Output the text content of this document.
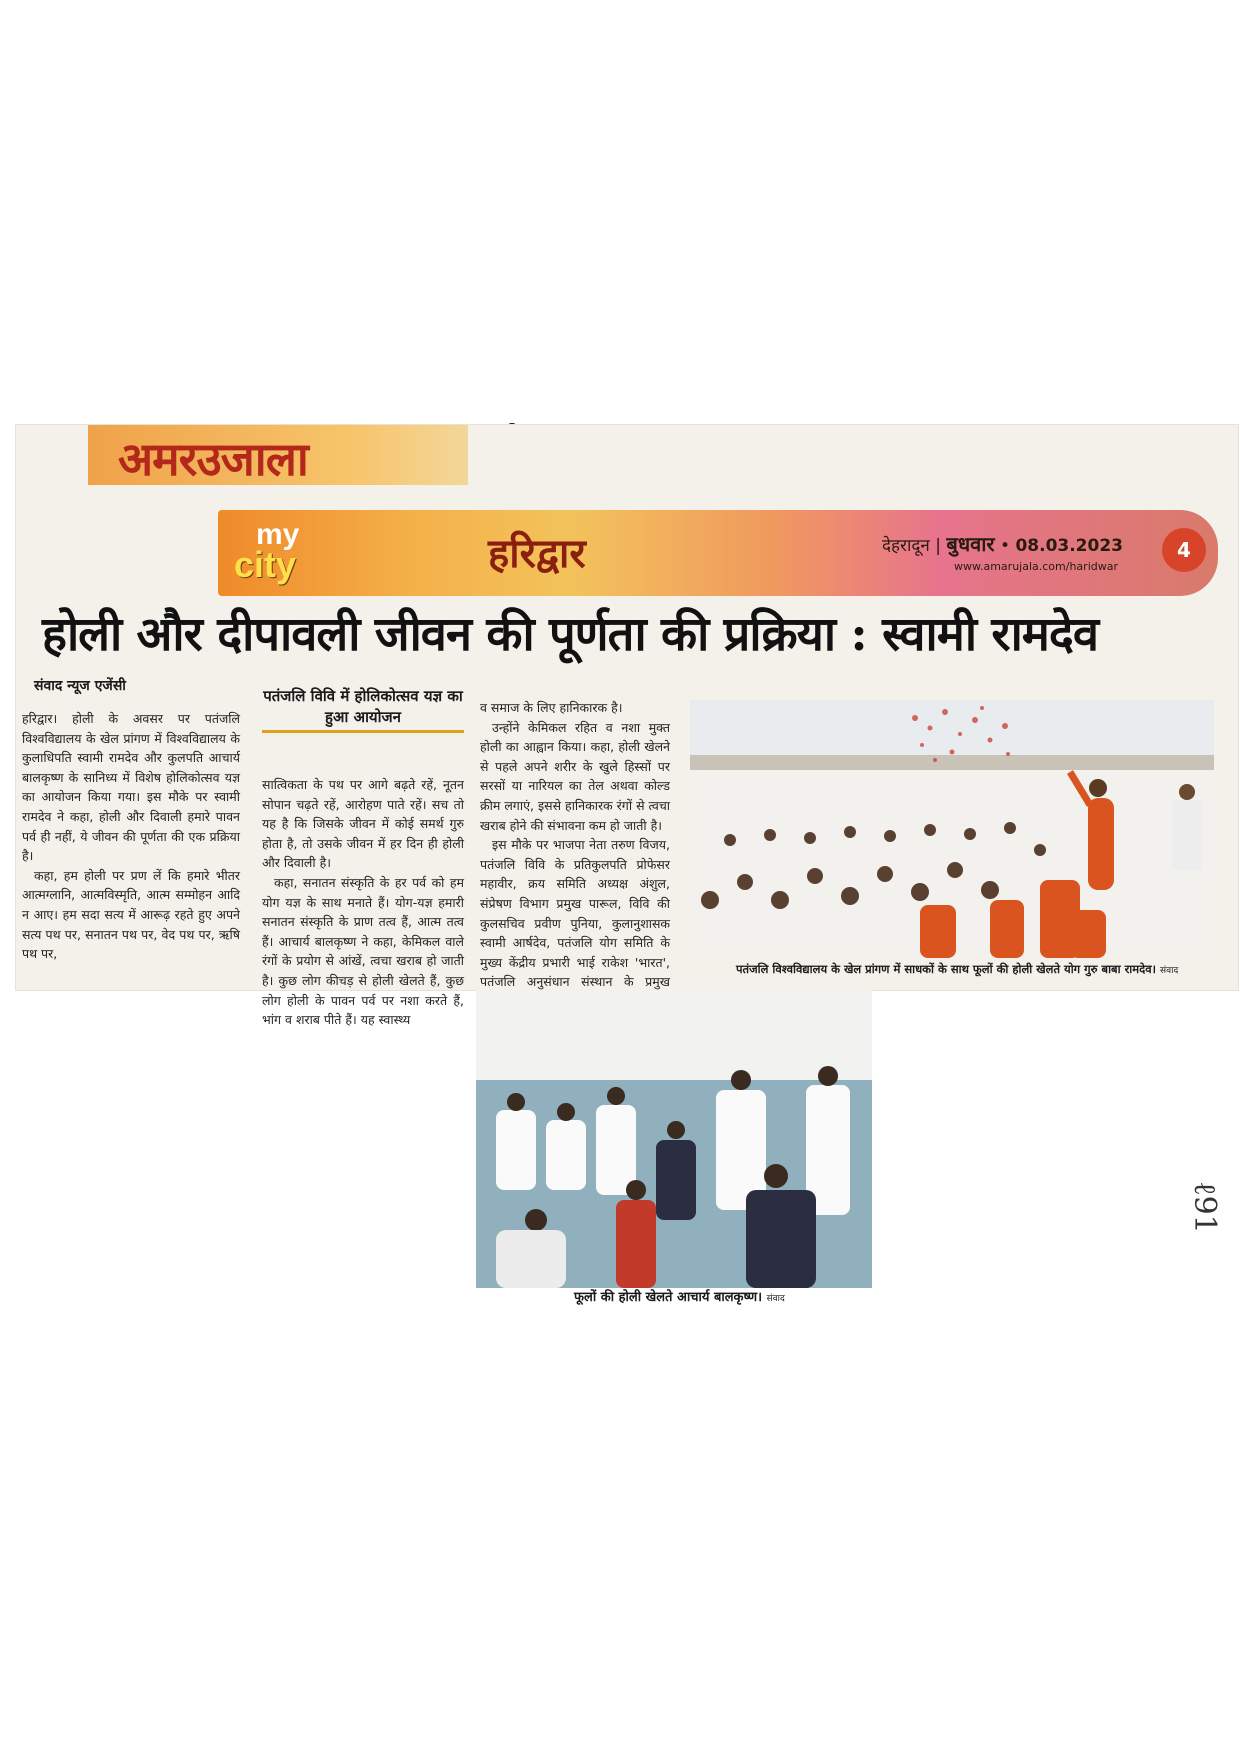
अमरउजाला
my
city	हरिद्वार	देहरादून | बुधवार • 08.03.2023
www.amarujala.com/haridwar
4
होली और दीपावली जीवन की पूर्णता की प्रक्रिया : स्वामी रामदेव
संवाद न्यूज एजेंसी

हरिद्वार। होली के अवसर पर पतंजलि विश्वविद्यालय के खेल प्रांगण में विश्वविद्यालय के कुलाधिपति स्वामी रामदेव और कुलपति आचार्य बालकृष्ण के सानिध्य में विशेष होलिकोत्सव यज्ञ का आयोजन किया गया। इस मौके पर स्वामी रामदेव ने कहा, होली और दिवाली हमारे पावन पर्व ही नहीं, ये जीवन की पूर्णता की एक प्रक्रिया है।

कहा, हम होली पर प्रण लें कि हमारे भीतर आत्मग्लानि, आत्मविस्मृति, आत्म सम्मोहन आदि न आए। हम सदा सत्य में आरूढ़ रहते हुए अपने सत्य पथ पर, सनातन पथ पर, वेद पथ पर, ऋषि पथ पर,

पतंजलि विवि में होलिकोत्सव यज्ञ का हुआ आयोजन

सात्विकता के पथ पर आगे बढ़ते रहें, नूतन सोपान चढ़ते रहें, आरोहण पाते रहें। सच तो यह है कि जिसके जीवन में कोई समर्थ गुरु होता है, तो उसके जीवन में हर दिन ही होली और दिवाली है।

कहा, सनातन संस्कृति के हर पर्व को हम योग यज्ञ के साथ मनाते हैं। योग-यज्ञ हमारी सनातन संस्कृति के प्राण तत्व हैं, आत्म तत्व हैं। आचार्य बालकृष्ण ने कहा, केमिकल वाले रंगों के प्रयोग से आंखें, त्वचा खराब हो जाती है। कुछ लोग कीचड़ से होली खेलते हैं, कुछ लोग होली के पावन पर्व पर नशा करते हैं, भांग व शराब पीते हैं। यह स्वास्थ्य

व समाज के लिए हानिकारक है।

उन्होंने केमिकल रहित व नशा मुक्त होली का आह्वान किया। कहा, होली खेलने से पहले अपने शरीर के खुले हिस्सों पर सरसों या नारियल का तेल अथवा कोल्ड क्रीम लगाएं, इससे हानिकारक रंगों से त्वचा खराब होने की संभावना कम हो जाती है।

इस मौके पर भाजपा नेता तरुण विजय, पतंजलि विवि के प्रतिकुलपति प्रोफेसर महावीर, क्रय समिति अध्यक्ष अंशुल, संप्रेषण विभाग प्रमुख पारूल, विवि की कुलसचिव प्रवीण पुनिया, कुलानुशासक स्वामी आर्षदेव, पतंजलि योग समिति के मुख्य केंद्रीय प्रभारी भाई राकेश 'भारत', पतंजलि अनुसंधान संस्थान के प्रमुख

पतंजलि विश्वविद्यालय के खेल प्रांगण में साधकों के साथ फूलों की होली खेलते योग गुरु बाबा रामदेव। संवाद
फूलों की होली खेलते आचार्य बालकृष्ण। संवाद
ℓ91
